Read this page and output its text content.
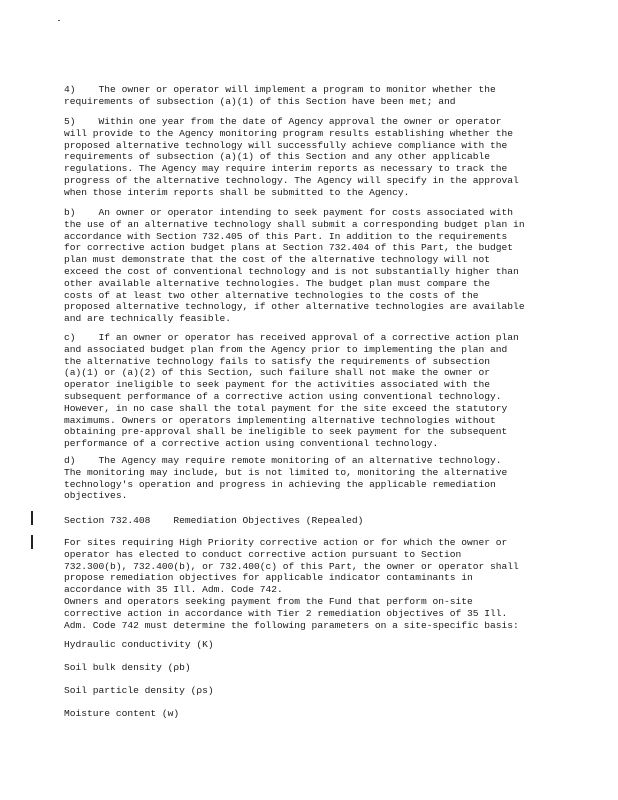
4)    The owner or operator will implement a program to monitor whether the
requirements of subsection (a)(1) of this Section have been met; and

5)    Within one year from the date of Agency approval the owner or operator
will provide to the Agency monitoring program results establishing whether the
proposed alternative technology will successfully achieve compliance with the
requirements of subsection (a)(1) of this Section and any other applicable
regulations. The Agency may require interim reports as necessary to track the
progress of the alternative technology. The Agency will specify in the approval
when those interim reports shall be submitted to the Agency.

b)    An owner or operator intending to seek payment for costs associated with
the use of an alternative technology shall submit a corresponding budget plan in
accordance with Section 732.405 of this Part. In addition to the requirements
for corrective action budget plans at Section 732.404 of this Part, the budget
plan must demonstrate that the cost of the alternative technology will not
exceed the cost of conventional technology and is not substantially higher than
other available alternative technologies. The budget plan must compare the
costs of at least two other alternative technologies to the costs of the
proposed alternative technology, if other alternative technologies are available
and are technically feasible.

c)    If an owner or operator has received approval of a corrective action plan
and associated budget plan from the Agency prior to implementing the plan and
the alternative technology fails to satisfy the requirements of subsection
(a)(1) or (a)(2) of this Section, such failure shall not make the owner or
operator ineligible to seek payment for the activities associated with the
subsequent performance of a corrective action using conventional technology.
However, in no case shall the total payment for the site exceed the statutory
maximums. Owners or operators implementing alternative technologies without
obtaining pre-approval shall be ineligible to seek payment for the subsequent
performance of a corrective action using conventional technology.

d)    The Agency may require remote monitoring of an alternative technology.
The monitoring may include, but is not limited to, monitoring the alternative
technology's operation and progress in achieving the applicable remediation
objectives.

Section 732.408    Remediation Objectives (Repealed)

For sites requiring High Priority corrective action or for which the owner or
operator has elected to conduct corrective action pursuant to Section
732.300(b), 732.400(b), or 732.400(c) of this Part, the owner or operator shall
propose remediation objectives for applicable indicator contaminants in
accordance with 35 Ill. Adm. Code 742.
Owners and operators seeking payment from the Fund that perform on-site
corrective action in accordance with Tier 2 remediation objectives of 35 Ill.
Adm. Code 742 must determine the following parameters on a site-specific basis:

Hydraulic conductivity (K)

Soil bulk density (ρb)

Soil particle density (ρs)

Moisture content (w)
